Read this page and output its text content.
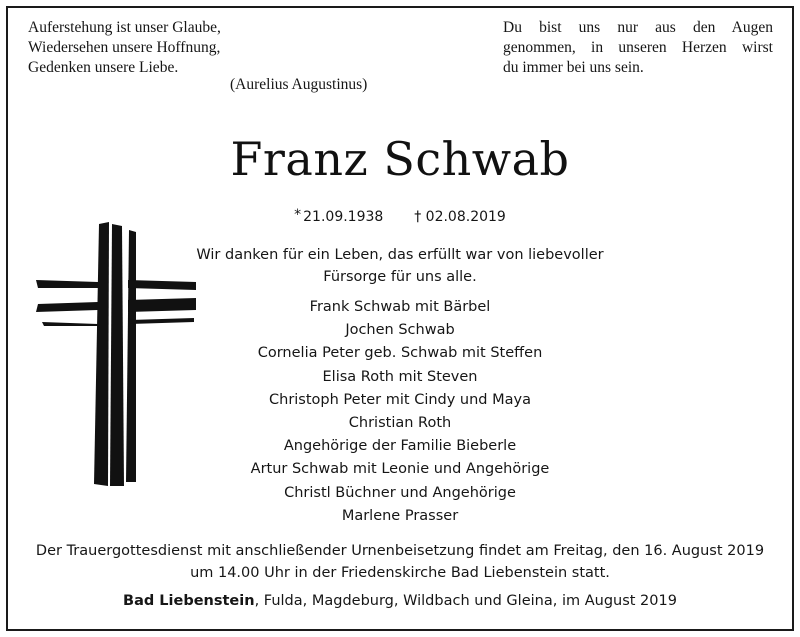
Auferstehung ist unser Glaube,
Wiedersehen unsere Hoffnung,
Gedenken unsere Liebe.
(Aurelius Augustinus)
Du bist uns nur aus den Augen
genommen, in unseren Herzen wirst
du immer bei uns sein.
Franz Schwab
* 21.09.1938 † 02.08.2019
Wir danken für ein Leben, das erfüllt war von liebevoller
Fürsorge für uns alle.
Frank Schwab mit Bärbel
Jochen Schwab
Cornelia Peter geb. Schwab mit Steffen
Elisa Roth mit Steven
Christoph Peter mit Cindy und Maya
Christian Roth
Angehörige der Familie Bieberle
Artur Schwab mit Leonie und Angehörige
Christl Büchner und Angehörige
Marlene Prasser
Der Trauergottesdienst mit anschließender Urnenbeisetzung findet am Freitag, den 16. August 2019
um 14.00 Uhr in der Friedenskirche Bad Liebenstein statt.
Bad Liebenstein, Fulda, Magdeburg, Wildbach und Gleina, im August 2019
